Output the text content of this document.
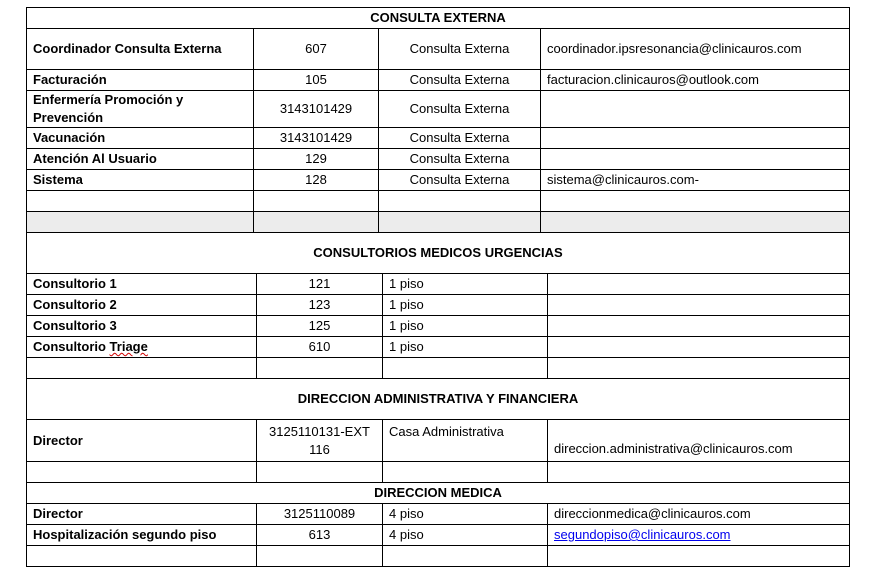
CONSULTA EXTERNA			
Coordinador Consulta Externa	607	Consulta Externa	coordinador.ipsresonancia@clinicauros.com
Facturación	105	Consulta Externa	facturacion.clinicauros@outlook.com
Enfermería Promoción y Prevención	3143101429	Consulta Externa	
Vacunación	3143101429	Consulta Externa	
Atención Al Usuario	129	Consulta Externa	
Sistema	128	Consulta Externa	sistema@clinicauros.com-

CONSULTORIOS MEDICOS URGENCIAS			
Consultorio 1	121	1 piso	
Consultorio 2	123	1 piso	
Consultorio 3	125	1 piso	
Consultorio Triage	610	1 piso	

DIRECCION ADMINISTRATIVA Y FINANCIERA			
Director	3125110131-EXT 116	Casa Administrativa	direccion.administrativa@clinicauros.com

DIRECCION MEDICA			
Director	3125110089	4 piso	direccionmedica@clinicauros.com
Hospitalización segundo piso	613	4 piso	segundopiso@clinicauros.com
